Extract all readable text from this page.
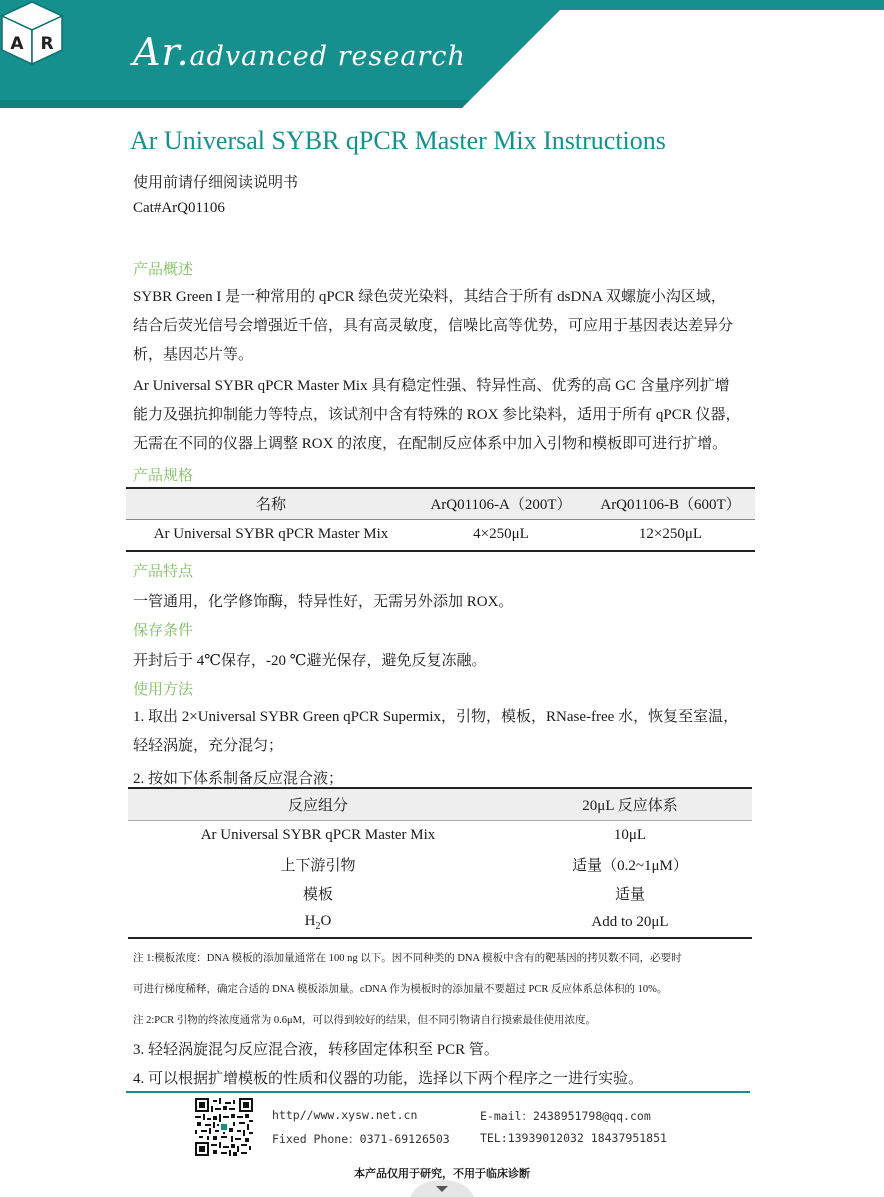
A R Ar.advanced research
Ar Universal SYBR qPCR Master Mix Instructions
使用前请仔细阅读说明书
Cat#ArQ01106
产品概述
SYBR Green I 是一种常用的 qPCR 绿色荧光染料，其结合于所有 dsDNA 双螺旋小沟区域，
结合后荧光信号会增强近千倍，具有高灵敏度，信噪比高等优势，可应用于基因表达差异分
析，基因芯片等。
Ar Universal SYBR qPCR Master Mix 具有稳定性强、特异性高、优秀的高 GC 含量序列扩增
能力及强抗抑制能力等特点，该试剂中含有特殊的 ROX 参比染料，适用于所有 qPCR 仪器，
无需在不同的仪器上调整 ROX 的浓度，在配制反应体系中加入引物和模板即可进行扩增。
产品规格
名称	ArQ01106-A（200T）	ArQ01106-B（600T）
Ar Universal SYBR qPCR Master Mix	4×250μL	12×250μL
产品特点
一管通用，化学修饰酶，特异性好，无需另外添加 ROX。
保存条件
开封后于 4℃保存，-20 ℃避光保存，避免反复冻融。
使用方法
1. 取出 2×Universal SYBR Green qPCR Supermix，引物，模板，RNase-free 水，恢复至室温，
轻轻涡旋，充分混匀；
2. 按如下体系制备反应混合液；
反应组分	20μL 反应体系
Ar Universal SYBR qPCR Master Mix	10μL
上下游引物	适量（0.2~1μM）
模板	适量
$H_2O$	Add to 20μL
注 1:模板浓度：DNA 模板的添加量通常在 100 ng 以下。因不同种类的 DNA 模板中含有的靶基因的拷贝数不同，必要时
可进行梯度稀释，确定合适的 DNA 模板添加量。cDNA 作为模板时的添加量不要超过 PCR 反应体系总体积的 10%。
注 2:PCR 引物的终浓度通常为 0.6μM，可以得到较好的结果，但不同引物请自行摸索最佳使用浓度。
3. 轻轻涡旋混匀反应混合液，转移固定体积至 PCR 管。
4. 可以根据扩增模板的性质和仪器的功能，选择以下两个程序之一进行实验。
http//www.xysw.net.cn	E-mail：2438951798@qq.com
Fixed Phone：0371-69126503	TEL:13939012032 18437951851
本产品仅用于研究，不用于临床诊断
